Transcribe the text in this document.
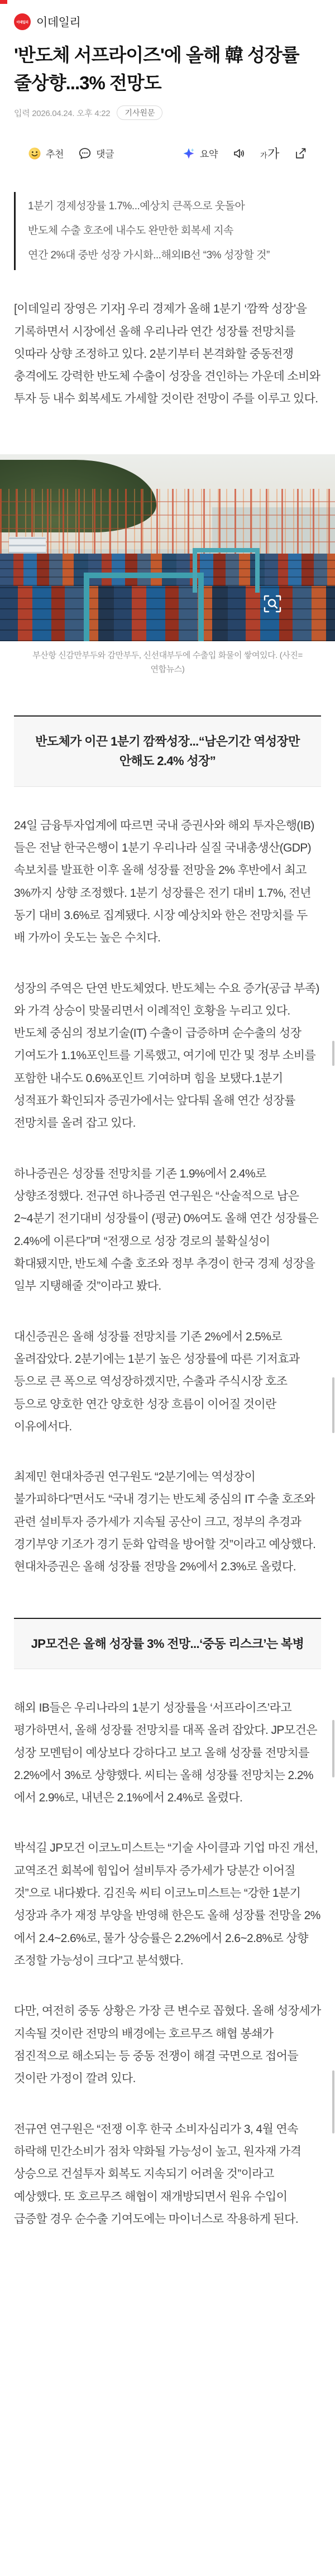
이데일리 이데일리
'반도체 서프라이즈'에 올해 韓 성장률 줄상향...3% 전망도
입력 2026.04.24. 오후 4:22	기사원문
추천	댓글	요약	가 가
1분기 경제성장률 1.7%...예상치 큰폭으로 웃돌아
반도체 수출 호조에 내수도 완만한 회복세 지속
연간 2%대 중반 성장 가시화...해외IB선 “3% 성장할 것”

[이데일리 장영은 기자] 우리 경제가 올해 1분기 ‘깜짝 성장’을 기록하면서 시장에선 올해 우리나라 연간 성장률 전망치를 잇따라 상향 조정하고 있다. 2분기부터 본격화할 중동전쟁 충격에도 강력한 반도체 수출이 성장을 견인하는 가운데 소비와 투자 등 내수 회복세도 가세할 것이란 전망이 주를 이루고 있다.

부산항 신감만부두와 감만부두, 신선대부두에 수출입 화물이 쌓여있다. (사진= 연합뉴스)
반도체가 이끈 1분기 깜짝성장...“남은기간 역성장만 안해도 2.4% 성장”

24일 금융투자업계에 따르면 국내 증권사와 해외 투자은행(IB)들은 전날 한국은행이 1분기 우리나라 실질 국내총생산(GDP) 속보치를 발표한 이후 올해 성장률 전망을 2% 후반에서 최고 3%까지 상향 조정했다. 1분기 성장률은 전기 대비 1.7%, 전년 동기 대비 3.6%로 집계됐다. 시장 예상치와 한은 전망치를 두 배 가까이 웃도는 높은 수치다.

성장의 주역은 단연 반도체였다. 반도체는 수요 증가(공급 부족)와 가격 상승이 맞물리면서 이례적인 호황을 누리고 있다. 반도체 중심의 정보기술(IT) 수출이 급증하며 순수출의 성장 기여도가 1.1%포인트를 기록했고, 여기에 민간 및 정부 소비를 포함한 내수도 0.6%포인트 기여하며 힘을 보탰다.1분기 성적표가 확인되자 증권가에서는 앞다퉈 올해 연간 성장률 전망치를 올려 잡고 있다.

하나증권은 성장률 전망치를 기존 1.9%에서 2.4%로 상향조정했다. 전규연 하나증권 연구원은 “산술적으로 남은 2~4분기 전기대비 성장률이 (평균) 0%여도 올해 연간 성장률은 2.4%에 이른다”며 “전쟁으로 성장 경로의 불확실성이 확대됐지만, 반도체 수출 호조와 정부 추경이 한국 경제 성장을 일부 지탱해줄 것”이라고 봤다.

대신증권은 올해 성장률 전망치를 기존 2%에서 2.5%로 올려잡았다. 2분기에는 1분기 높은 성장률에 따른 기저효과 등으로 큰 폭으로 역성장하겠지만, 수출과 주식시장 호조 등으로 양호한 연간 양호한 성장 흐름이 이어질 것이란 이유에서다.

최제민 현대차증권 연구원도 “2분기에는 역성장이 불가피하다”면서도 “국내 경기는 반도체 중심의 IT 수출 호조와 관련 설비투자 증가세가 지속될 공산이 크고, 정부의 추경과 경기부양 기조가 경기 둔화 압력을 방어할 것”이라고 예상했다. 현대차증권은 올해 성장률 전망을 2%에서 2.3%로 올렸다.

JP모건은 올해 성장률 3% 전망...‘중동 리스크’는 복병

해외 IB들은 우리나라의 1분기 성장률을 ‘서프라이즈’라고 평가하면서, 올해 성장률 전망치를 대폭 올려 잡았다. JP모건은 성장 모멘텀이 예상보다 강하다고 보고 올해 성장률 전망치를 2.2%에서 3%로 상향했다. 씨티는 올해 성장률 전망치는 2.2%에서 2.9%로, 내년은 2.1%에서 2.4%로 올렸다.

박석길 JP모건 이코노미스트는 “기술 사이클과 기업 마진 개선, 교역조건 회복에 힘입어 설비투자 증가세가 당분간 이어질 것”으로 내다봤다. 김진욱 씨티 이코노미스트는 “강한 1분기 성장과 추가 재정 부양을 반영해 한은도 올해 성장률 전망을 2%에서 2.4~2.6%로, 물가 상승률은 2.2%에서 2.6~2.8%로 상향 조정할 가능성이 크다”고 분석했다.

다만, 여전히 중동 상황은 가장 큰 변수로 꼽혔다. 올해 성장세가 지속될 것이란 전망의 배경에는 호르무즈 해협 봉쇄가 점진적으로 해소되는 등 중동 전쟁이 해결 국면으로 접어들 것이란 가정이 깔려 있다.

전규연 연구원은 “전쟁 이후 한국 소비자심리가 3, 4월 연속 하락해 민간소비가 점차 약화될 가능성이 높고, 원자재 가격 상승으로 건설투자 회복도 지속되기 어려울 것”이라고 예상했다. 또 호르무즈 해협이 재개방되면서 원유 수입이 급증할 경우 순수출 기여도에는 마이너스로 작용하게 된다.
